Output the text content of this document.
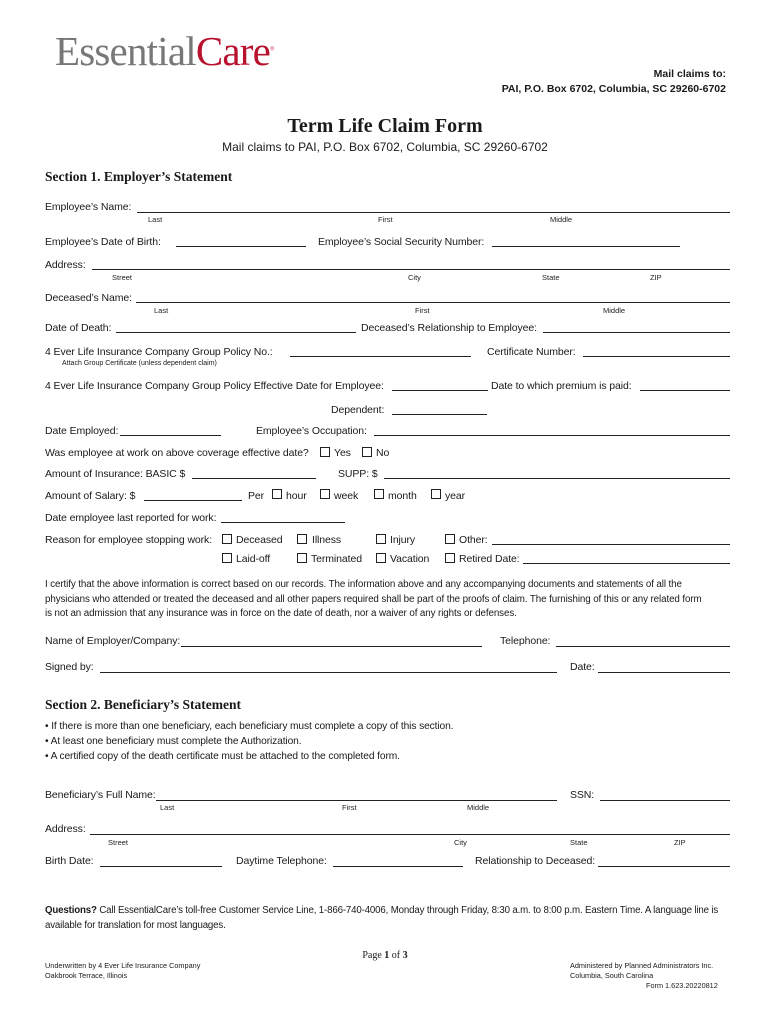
EssentialCare®
Mail claims to:
PAI, P.O. Box 6702, Columbia, SC 29260-6702
Term Life Claim Form
Mail claims to PAI, P.O. Box 6702, Columbia, SC 29260-6702
Section 1. Employer’s Statement
Employee’s Name:
Last	First	Middle
Employee’s Date of Birth:	Employee’s Social Security Number:
Address:
Street	City	State	ZIP
Deceased’s Name:
Last	First	Middle
Date of Death:	Deceased’s Relationship to Employee:
4 Ever Life Insurance Company Group Policy No.:	Certificate Number:
Attach Group Certificate (unless dependent claim)
4 Ever Life Insurance Company Group Policy Effective Date for Employee:	Date to which premium is paid:
Dependent:
Date Employed:	Employee’s Occupation:
Was employee at work on above coverage effective date? Yes No
Amount of Insurance: BASIC $	SUPP: $
Amount of Salary: $	Per hour	week	month	year
Date employee last reported for work:
Reason for employee stopping work: Deceased	Illness	Injury	Other:
Laid-off	Terminated	Vacation	Retired Date:
I certify that the above information is correct based on our records. The information above and any accompanying documents and statements of all the
physicians who attended or treated the deceased and all other papers required shall be part of the proofs of claim. The furnishing of this or any related form
is not an admission that any insurance was in force on the date of death, nor a waiver of any rights or defenses.
Name of Employer/Company:	Telephone:
Signed by:	Date:
Section 2. Beneficiary’s Statement
• If there is more than one beneficiary, each beneficiary must complete a copy of this section.
• At least one beneficiary must complete the Authorization.
• A certified copy of the death certificate must be attached to the completed form.
Beneficiary’s Full Name:
Last	First	Middle
SSN:
Address:
Street	City	State	ZIP
Birth Date:	Daytime Telephone:	Relationship to Deceased:
Questions? Call EssentialCare’s toll-free Customer Service Line, 1-866-740-4006, Monday through Friday, 8:30 a.m. to 8:00 p.m. Eastern Time. A language line is
available for translation for most languages.
Page 1 of 3
Underwritten by 4 Ever Life Insurance Company
Oakbrook Terrace, Illinois
Administered by Planned Administrators Inc.
Columbia, South Carolina
Form 1.623.20220812
